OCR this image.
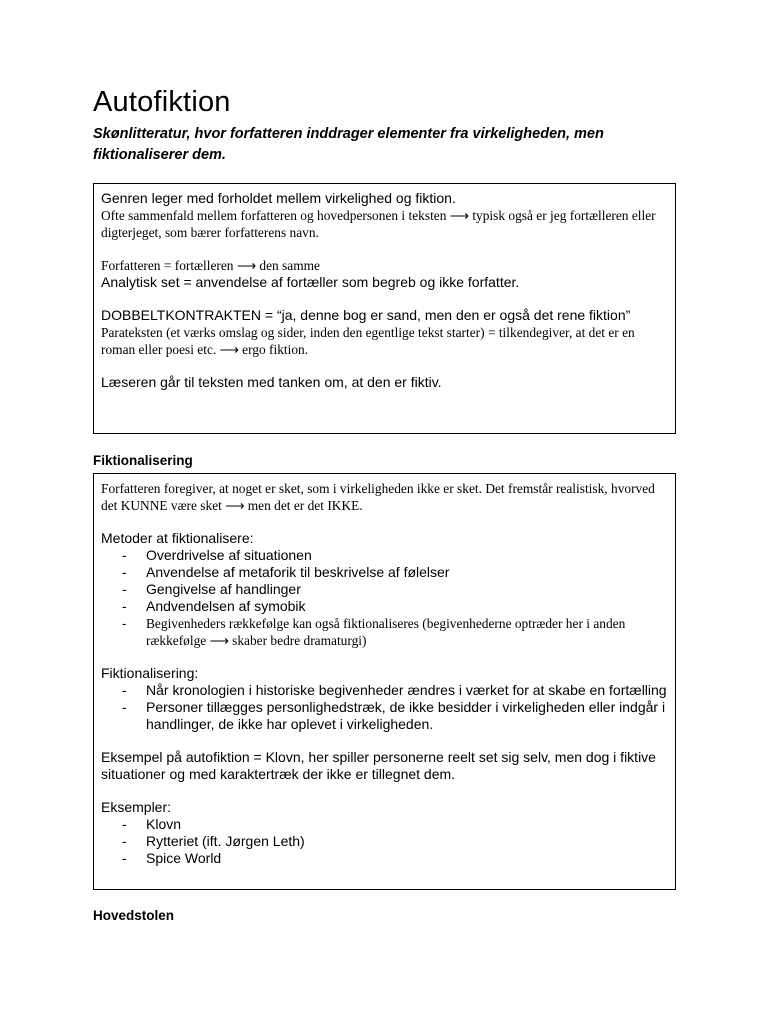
Autofiktion

Skønlitteratur, hvor forfatteren inddrager elementer fra virkeligheden, men fiktionaliserer dem.

Genren leger med forholdet mellem virkelighed og fiktion.
Ofte sammenfald mellem forfatteren og hovedpersonen i teksten ⟶ typisk også er jeg fortælleren eller digterjeget, som bærer forfatterens navn.
Forfatteren = fortælleren ⟶ den samme
Analytisk set = anvendelse af fortæller som begreb og ikke forfatter.
DOBBELTKONTRAKTEN = “ja, denne bog er sand, men den er også det rene fiktion”
Parateksten (et værks omslag og sider, inden den egentlige tekst starter) = tilkendegiver, at det er en roman eller poesi etc. ⟶ ergo fiktion.
Læseren går til teksten med tanken om, at den er fiktiv.
Fiktionalisering
Forfatteren foregiver, at noget er sket, som i virkeligheden ikke er sket. Det fremstår realistisk, hvorved det KUNNE være sket ⟶ men det er det IKKE.
Metoder at fiktionalisere:
- Overdrivelse af situationen
- Anvendelse af metaforik til beskrivelse af følelser
- Gengivelse af handlinger
- Andvendelsen af symobik
- Begivenheders rækkefølge kan også fiktionaliseres (begivenhederne optræder her i anden rækkefølge ⟶ skaber bedre dramaturgi)
Fiktionalisering:
- Når kronologien i historiske begivenheder ændres i værket for at skabe en fortælling
- Personer tillægges personlighedstræk, de ikke besidder i virkeligheden eller indgår i handlinger, de ikke har oplevet i virkeligheden.
Eksempel på autofiktion = Klovn, her spiller personerne reelt set sig selv, men dog i fiktive situationer og med karaktertræk der ikke er tillegnet dem.
Eksempler:
- Klovn
- Rytteriet (ift. Jørgen Leth)
- Spice World
Hovedstolen
